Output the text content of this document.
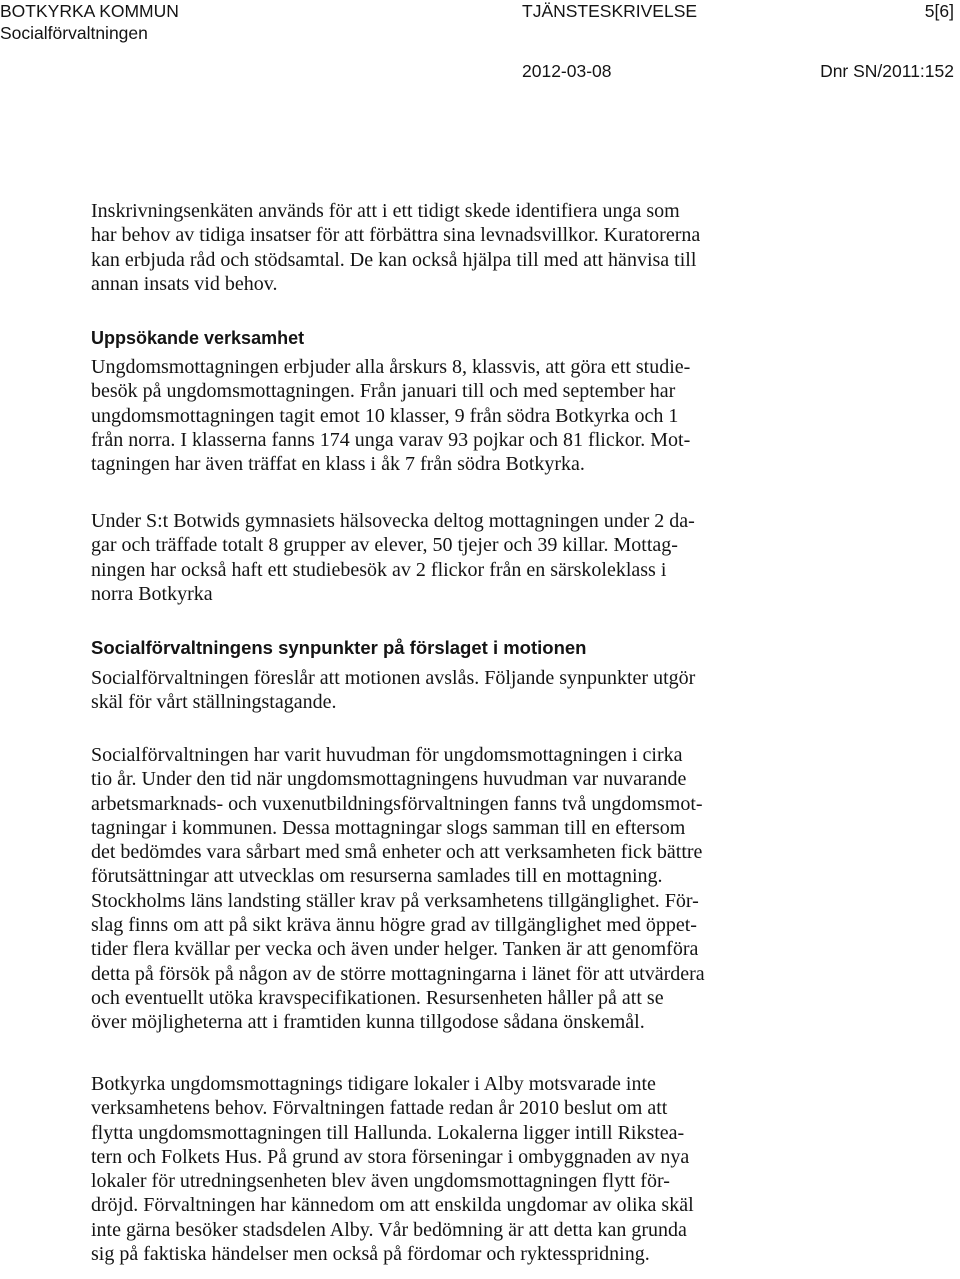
BOTKYRKA KOMMUN
Socialförvaltningen
TJÄNSTESKRIVELSE	5[6]
2012-03-08	Dnr SN/2011:152
Inskrivningsenkäten används för att i ett tidigt skede identifiera unga som
har behov av tidiga insatser för att förbättra sina levnadsvillkor. Kuratorerna
kan erbjuda råd och stödsamtal. De kan också hjälpa till med att hänvisa till
annan insats vid behov.
Uppsökande verksamhet
Ungdomsmottagningen erbjuder alla årskurs 8, klassvis, att göra ett studie-
besök på ungdomsmottagningen. Från januari till och med september har
ungdomsmottagningen tagit emot 10 klasser, 9 från södra Botkyrka och 1
från norra. I klasserna fanns 174 unga varav 93 pojkar och 81 flickor. Mot-
tagningen har även träffat en klass i åk 7 från södra Botkyrka.
Under S:t Botwids gymnasiets hälsovecka deltog mottagningen under 2 da-
gar och träffade totalt 8 grupper av elever, 50 tjejer och 39 killar. Mottag-
ningen har också haft ett studiebesök av 2 flickor från en särskoleklass i
norra Botkyrka
Socialförvaltningens synpunkter på förslaget i motionen
Socialförvaltningen föreslår att motionen avslås. Följande synpunkter utgör
skäl för vårt ställningstagande.
Socialförvaltningen har varit huvudman för ungdomsmottagningen i cirka
tio år. Under den tid när ungdomsmottagningens huvudman var nuvarande
arbetsmarknads- och vuxenutbildningsförvaltningen fanns två ungdomsmot-
tagningar i kommunen. Dessa mottagningar slogs samman till en eftersom
det bedömdes vara sårbart med små enheter och att verksamheten fick bättre
förutsättningar att utvecklas om resurserna samlades till en mottagning.
Stockholms läns landsting ställer krav på verksamhetens tillgänglighet. För-
slag finns om att på sikt kräva ännu högre grad av tillgänglighet med öppet-
tider flera kvällar per vecka och även under helger. Tanken är att genomföra
detta på försök på någon av de större mottagningarna i länet för att utvärdera
och eventuellt utöka kravspecifikationen. Resursenheten håller på att se
över möjligheterna att i framtiden kunna tillgodose sådana önskemål.
Botkyrka ungdomsmottagnings tidigare lokaler i Alby motsvarade inte
verksamhetens behov. Förvaltningen fattade redan år 2010 beslut om att
flytta ungdomsmottagningen till Hallunda. Lokalerna ligger intill Rikstea-
tern och Folkets Hus. På grund av stora förseningar i ombyggnaden av nya
lokaler för utredningsenheten blev även ungdomsmottagningen flytt för-
dröjd. Förvaltningen har kännedom om att enskilda ungdomar av olika skäl
inte gärna besöker stadsdelen Alby. Vår bedömning är att detta kan grunda
sig på faktiska händelser men också på fördomar och ryktesspridning.
